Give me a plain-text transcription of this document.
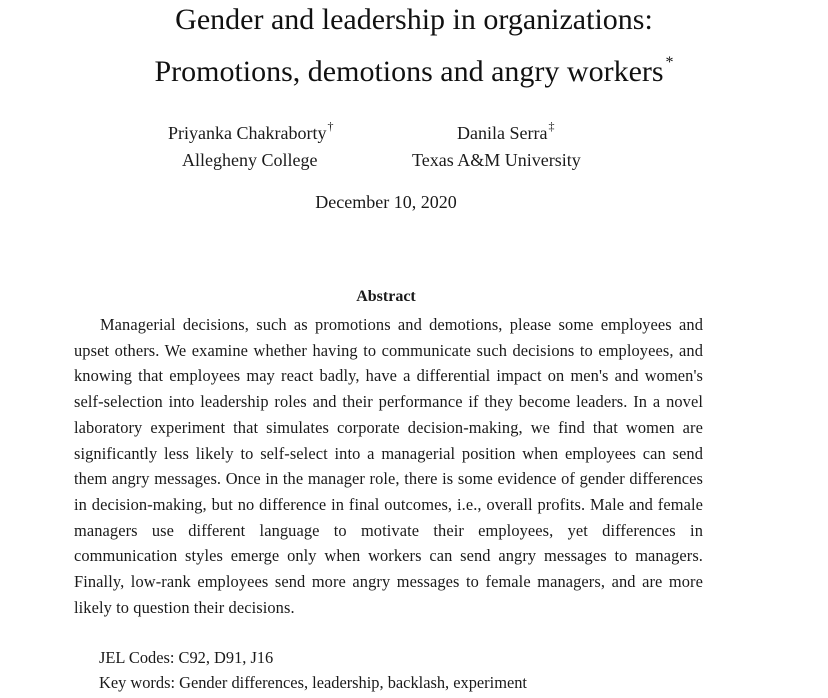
Gender and leadership in organizations:
Promotions, demotions and angry workers *
Priyanka Chakraborty†
Allegheny College
Danila Serra‡
Texas A&M University
December 10, 2020
Abstract

Managerial decisions, such as promotions and demotions, please some employees and upset others. We examine whether having to communicate such decisions to employees, and knowing that employees may react badly, have a differential impact on men's and women's self-selection into leadership roles and their performance if they become leaders. In a novel laboratory experiment that simulates corporate decision-making, we find that women are significantly less likely to self-select into a managerial position when employees can send them angry messages. Once in the manager role, there is some evidence of gender differences in decision-making, but no difference in final outcomes, i.e., overall profits. Male and female managers use different language to motivate their employees, yet differences in communication styles emerge only when workers can send angry messages to managers. Finally, low-rank employees send more angry messages to female managers, and are more likely to question their decisions.

JEL Codes: C92, D91, J16
Key words: Gender differences, leadership, backlash, experiment
